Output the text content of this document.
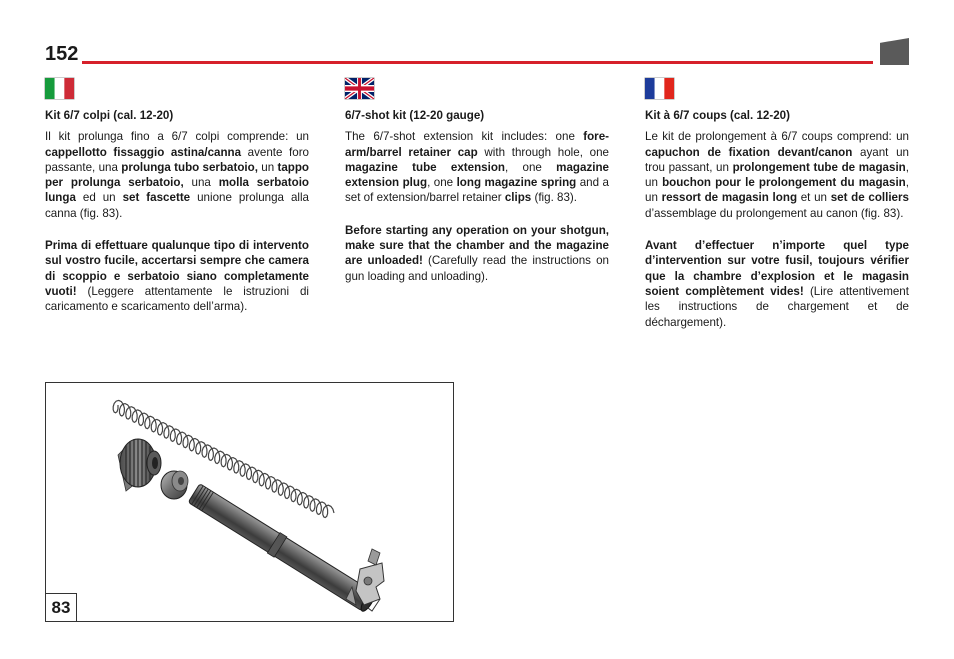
152
Kit 6/7 colpi (cal. 12-20)

Il kit prolunga fino a 6/7 colpi comprende: un cappellotto fissaggio astina/canna avente foro passante, una prolunga tubo serbatoio, un tappo per prolunga serbatoio, una molla serbatoio lunga ed un set fascette unione prolunga alla canna (fig. 83).

Prima di effettuare qualunque tipo di intervento sul vostro fucile, accertarsi sempre che camera di scoppio e serbatoio siano completamente vuoti! (Leggere attentamente le istruzioni di caricamento e scaricamento dell’arma).

6/7-shot kit (12-20 gauge)

The 6/7-shot extension kit includes: one fore-arm/barrel retainer cap with through hole, one magazine tube extension, one magazine extension plug, one long magazine spring and a set of extension/barrel retainer clips (fig. 83).

Before starting any operation on your shotgun, make sure that the chamber and the magazine are unloaded! (Carefully read the instructions on gun loading and unloading).

Kit à 6/7 coups (cal. 12-20)

Le kit de prolongement à 6/7 coups comprend: un capuchon de fixation devant/canon ayant un trou passant, un prolongement tube de magasin, un bouchon pour le prolongement du magasin, un ressort de magasin long et un set de colliers d’assemblage du prolongement au canon (fig. 83).

Avant d’effectuer n’importe quel type d’intervention sur votre fusil, toujours vérifier que la chambre d’explosion et le magasin soient complètement vides! (Lire attentivement les instructions de chargement et de déchargement).

83
